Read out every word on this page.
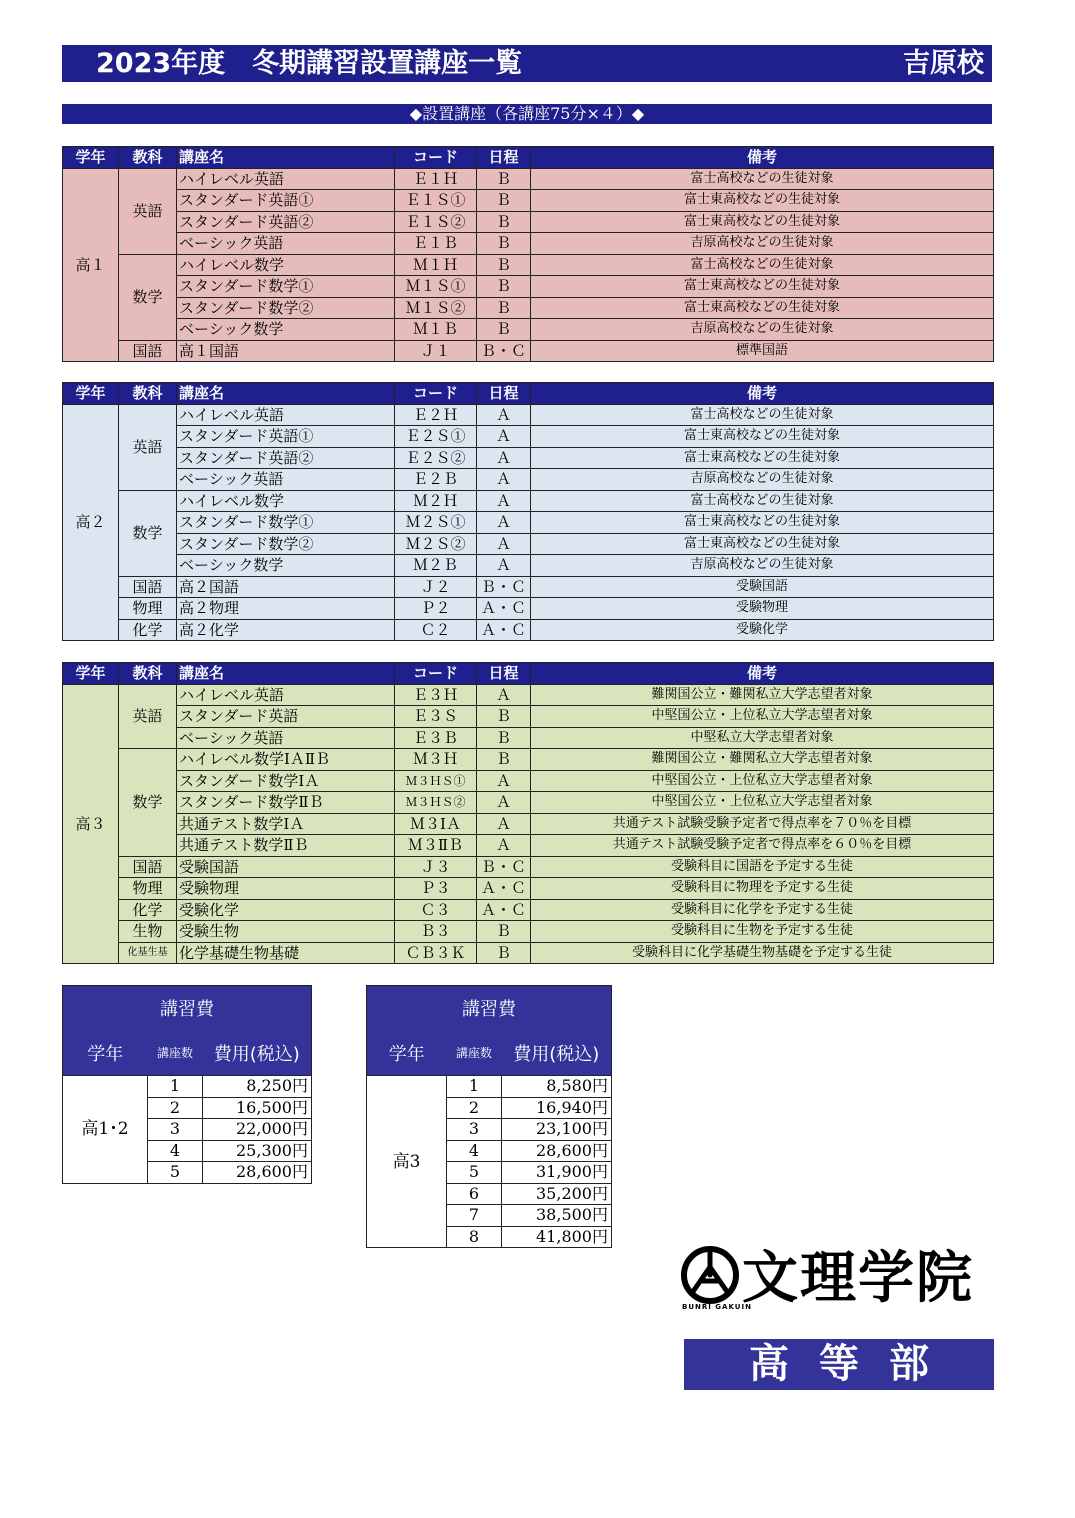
2023年度　冬期講習設置講座一覧	吉原校
◆設置講座（各講座75分×４）◆
学年	教科	講座名	コード	日程	備考
高１	英語	ハイレベル英語	Ｅ１Ｈ	Ｂ	富士高校などの生徒対象
		スタンダード英語①	Ｅ１Ｓ①	Ｂ	富士東高校などの生徒対象
		スタンダード英語②	Ｅ１Ｓ②	Ｂ	富士東高校などの生徒対象
		ベーシック英語	Ｅ１Ｂ	Ｂ	吉原高校などの生徒対象
	数学	ハイレベル数学	Ｍ１Ｈ	Ｂ	富士高校などの生徒対象
		スタンダード数学①	Ｍ１Ｓ①	Ｂ	富士東高校などの生徒対象
		スタンダード数学②	Ｍ１Ｓ②	Ｂ	富士東高校などの生徒対象
		ベーシック数学	Ｍ１Ｂ	Ｂ	吉原高校などの生徒対象
	国語	高１国語	Ｊ１	Ｂ・Ｃ	標準国語
学年	教科	講座名	コード	日程	備考
高２	英語	ハイレベル英語	Ｅ２Ｈ	Ａ	富士高校などの生徒対象
		スタンダード英語①	Ｅ２Ｓ①	Ａ	富士東高校などの生徒対象
		スタンダード英語②	Ｅ２Ｓ②	Ａ	富士東高校などの生徒対象
		ベーシック英語	Ｅ２Ｂ	Ａ	吉原高校などの生徒対象
	数学	ハイレベル数学	Ｍ２Ｈ	Ａ	富士高校などの生徒対象
		スタンダード数学①	Ｍ２Ｓ①	Ａ	富士東高校などの生徒対象
		スタンダード数学②	Ｍ２Ｓ②	Ａ	富士東高校などの生徒対象
		ベーシック数学	Ｍ２Ｂ	Ａ	吉原高校などの生徒対象
	国語	高２国語	Ｊ２	Ｂ・Ｃ	受験国語
	物理	高２物理	Ｐ２	Ａ・Ｃ	受験物理
	化学	高２化学	Ｃ２	Ａ・Ｃ	受験化学
学年	教科	講座名	コード	日程	備考
高３	英語	ハイレベル英語	Ｅ３Ｈ	Ａ	難関国公立・難関私立大学志望者対象
		スタンダード英語	Ｅ３Ｓ	Ｂ	中堅国公立・上位私立大学志望者対象
		ベーシック英語	Ｅ３Ｂ	Ｂ	中堅私立大学志望者対象
	数学	ハイレベル数学ⅠＡⅡＢ	Ｍ３Ｈ	Ｂ	難関国公立・難関私立大学志望者対象
		スタンダード数学ⅠＡ	Ｍ３ＨＳ①	Ａ	中堅国公立・上位私立大学志望者対象
		スタンダード数学ⅡＢ	Ｍ３ＨＳ②	Ａ	中堅国公立・上位私立大学志望者対象
		共通テスト数学ⅠＡ	Ｍ３ⅠＡ	Ａ	共通テスト試験受験予定者で得点率を７０％を目標
		共通テスト数学ⅡＢ	Ｍ３ⅡＢ	Ａ	共通テスト試験受験予定者で得点率を６０％を目標
	国語	受験国語	Ｊ３	Ｂ・Ｃ	受験科目に国語を予定する生徒
	物理	受験物理	Ｐ３	Ａ・Ｃ	受験科目に物理を予定する生徒
	化学	受験化学	Ｃ３	Ａ・Ｃ	受験科目に化学を予定する生徒
	生物	受験生物	Ｂ３	Ｂ	受験科目に生物を予定する生徒
	化基生基	化学基礎生物基礎	ＣＢ３Ｋ	Ｂ	受験科目に化学基礎生物基礎を予定する生徒
講習費		
学年	講座数	費用(税込)
高1･2	1	8,250円
	2	16,500円
	3	22,000円
	4	25,300円
	5	28,600円
講習費		
学年	講座数	費用(税込)
高3	1	8,580円
	2	16,940円
	3	23,100円
	4	28,600円
	5	31,900円
	6	35,200円
	7	38,500円
	8	41,800円
文理学院
BUNRI GAKUIN
高等部
